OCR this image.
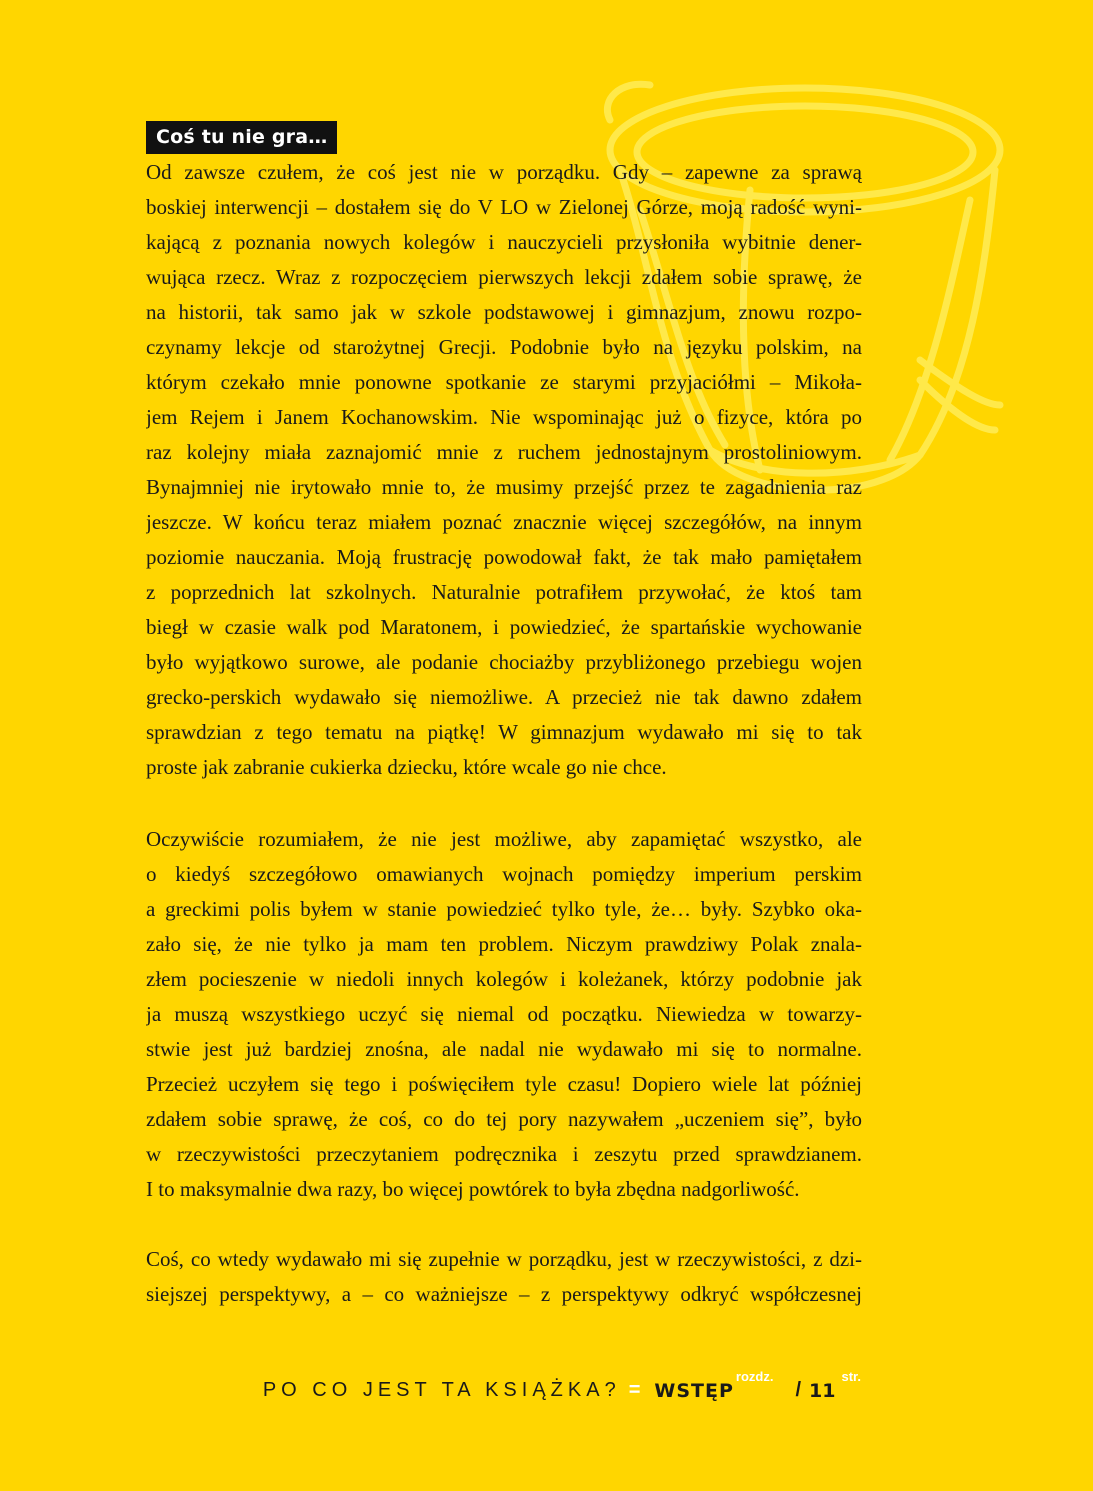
Coś tu nie gra…
Od zawsze czułem, że coś jest nie w porządku. Gdy – zapewne za sprawą
boskiej interwencji – dostałem się do V LO w Zielonej Górze, moją radość wyni-
kającą z poznania nowych kolegów i nauczycieli przysłoniła wybitnie dener-
wująca rzecz. Wraz z rozpoczęciem pierwszych lekcji zdałem sobie sprawę, że
na historii, tak samo jak w szkole podstawowej i gimnazjum, znowu rozpo-
czynamy lekcje od starożytnej Grecji. Podobnie było na języku polskim, na
którym czekało mnie ponowne spotkanie ze starymi przyjaciółmi – Mikoła-
jem Rejem i Janem Kochanowskim. Nie wspominając już o fizyce, która po
raz kolejny miała zaznajomić mnie z ruchem jednostajnym prostoliniowym.
Bynajmniej nie irytowało mnie to, że musimy przejść przez te zagadnienia raz
jeszcze. W końcu teraz miałem poznać znacznie więcej szczegółów, na innym
poziomie nauczania. Moją frustrację powodował fakt, że tak mało pamiętałem
z poprzednich lat szkolnych. Naturalnie potrafiłem przywołać, że ktoś tam
biegł w czasie walk pod Maratonem, i powiedzieć, że spartańskie wychowanie
było wyjątkowo surowe, ale podanie chociażby przybliżonego przebiegu wojen
grecko-perskich wydawało się niemożliwe. A przecież nie tak dawno zdałem
sprawdzian z tego tematu na piątkę! W gimnazjum wydawało mi się to tak
proste jak zabranie cukierka dziecku, które wcale go nie chce.
Oczywiście rozumiałem, że nie jest możliwe, aby zapamiętać wszystko, ale
o kiedyś szczegółowo omawianych wojnach pomiędzy imperium perskim
a greckimi polis byłem w stanie powiedzieć tylko tyle, że… były. Szybko oka-
zało się, że nie tylko ja mam ten problem. Niczym prawdziwy Polak znala-
złem pocieszenie w niedoli innych kolegów i koleżanek, którzy podobnie jak
ja muszą wszystkiego uczyć się niemal od początku. Niewiedza w towarzy-
stwie jest już bardziej znośna, ale nadal nie wydawało mi się to normalne.
Przecież uczyłem się tego i poświęciłem tyle czasu! Dopiero wiele lat później
zdałem sobie sprawę, że coś, co do tej pory nazywałem „uczeniem się”, było
w rzeczywistości przeczytaniem podręcznika i zeszytu przed sprawdzianem.
I to maksymalnie dwa razy, bo więcej powtórek to była zbędna nadgorliwość.
Coś, co wtedy wydawało mi się zupełnie w porządku, jest w rzeczywistości, z dzi-
siejszej perspektywy, a – co ważniejsze – z perspektywy odkryć współczesnej
PO CO JEST TA KSIĄŻKA? = WSTĘP
rozdz.
/ 11
str.
